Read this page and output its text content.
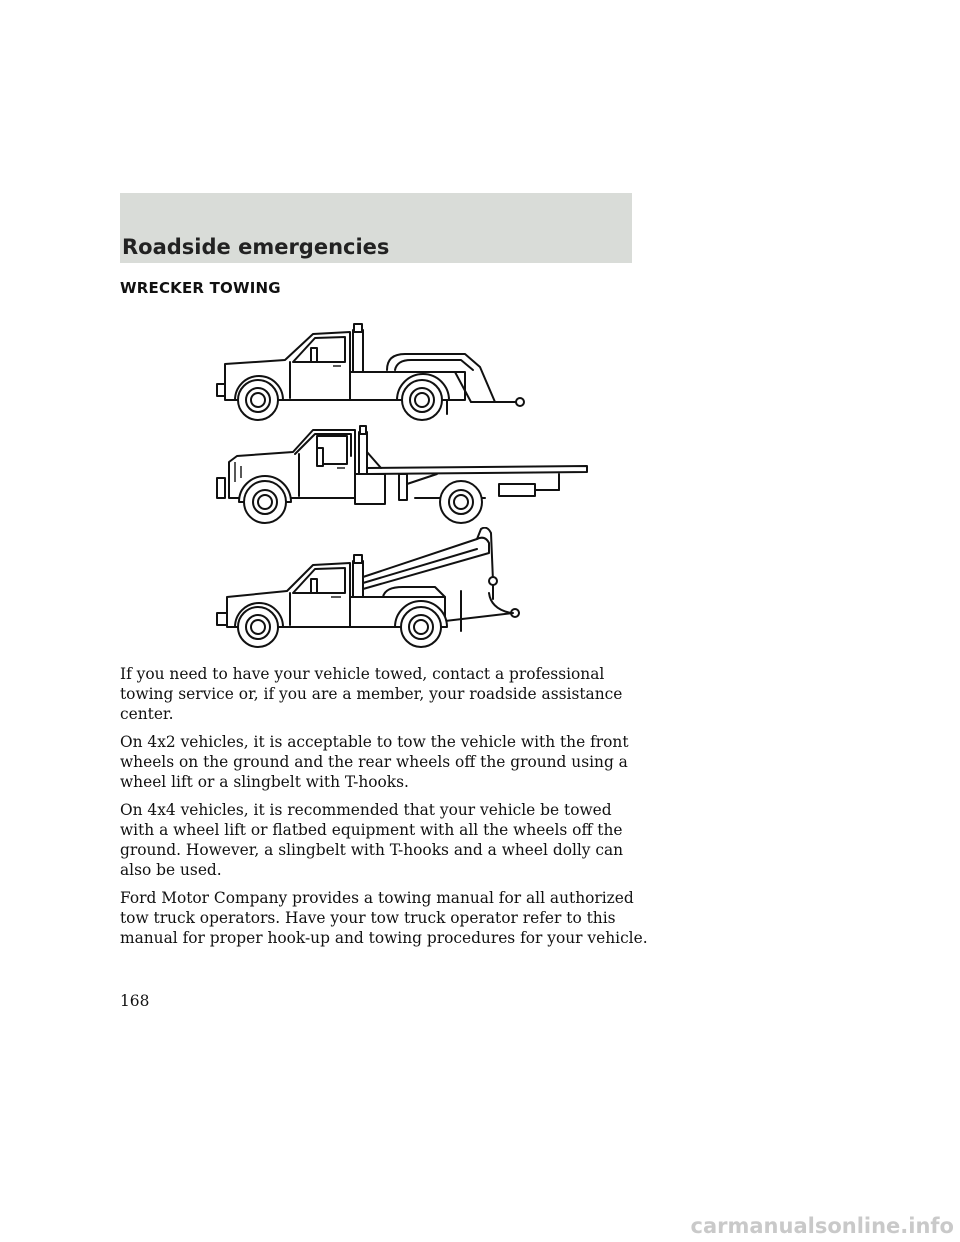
Roadside emergencies
WRECKER TOWING

If you need to have your vehicle towed, contact a professional towing service or, if you are a member, your roadside assistance center.

On 4x2 vehicles, it is acceptable to tow the vehicle with the front wheels on the ground and the rear wheels off the ground using a wheel lift or a slingbelt with T-hooks.

On 4x4 vehicles, it is recommended that your vehicle be towed with a wheel lift or flatbed equipment with all the wheels off the ground. However, a slingbelt with T-hooks and a wheel dolly can also be used.

Ford Motor Company provides a towing manual for all authorized tow truck operators. Have your tow truck operator refer to this manual for proper hook-up and towing procedures for your vehicle.

168
carmanualsonline.info
